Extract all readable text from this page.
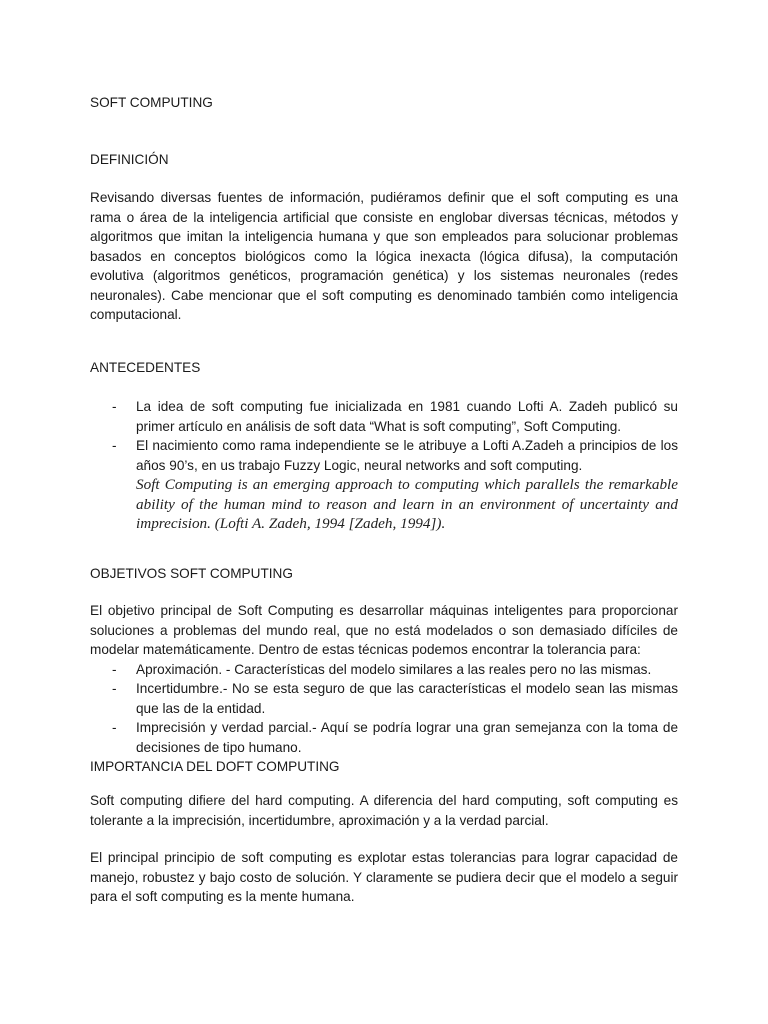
SOFT COMPUTING
DEFINICIÓN
Revisando diversas fuentes de información, pudiéramos definir que el soft computing es una rama o área de la inteligencia artificial que consiste en englobar diversas técnicas, métodos y algoritmos que imitan la inteligencia humana y que son empleados para solucionar problemas basados en conceptos biológicos como la lógica inexacta (lógica difusa), la computación evolutiva (algoritmos genéticos, programación genética) y los sistemas neuronales (redes neuronales). Cabe mencionar que el soft computing es denominado también como inteligencia computacional.
ANTECEDENTES
- La idea de soft computing fue inicializada en 1981 cuando Lofti A. Zadeh publicó su primer artículo en análisis de soft data “What is soft computing”, Soft Computing.
- El nacimiento como rama independiente se le atribuye a Lofti A.Zadeh a principios de los años 90’s, en us trabajo Fuzzy Logic, neural networks and soft computing.
Soft Computing is an emerging approach to computing which parallels the remarkable ability of the human mind to reason and learn in an environment of uncertainty and imprecision. (Lofti A. Zadeh, 1994 [Zadeh, 1994]).
OBJETIVOS SOFT COMPUTING
El objetivo principal de Soft Computing es desarrollar máquinas inteligentes para proporcionar soluciones a problemas del mundo real, que no está modelados o son demasiado difíciles de modelar matemáticamente. Dentro de estas técnicas podemos encontrar la tolerancia para:
- Aproximación. - Características del modelo similares a las reales pero no las mismas.
- Incertidumbre.- No se esta seguro de que las características el modelo sean las mismas que las de la entidad.
- Imprecisión y verdad parcial.- Aquí se podría lograr una gran semejanza con la toma de decisiones de tipo humano.
IMPORTANCIA DEL DOFT COMPUTING
Soft computing difiere del hard computing. A diferencia del hard computing, soft computing es tolerante a la imprecisión, incertidumbre, aproximación y a la verdad parcial.
El principal principio de soft computing es explotar estas tolerancias para lograr capacidad de manejo, robustez y bajo costo de solución. Y claramente se pudiera decir que el modelo a seguir para el soft computing es la mente humana.
